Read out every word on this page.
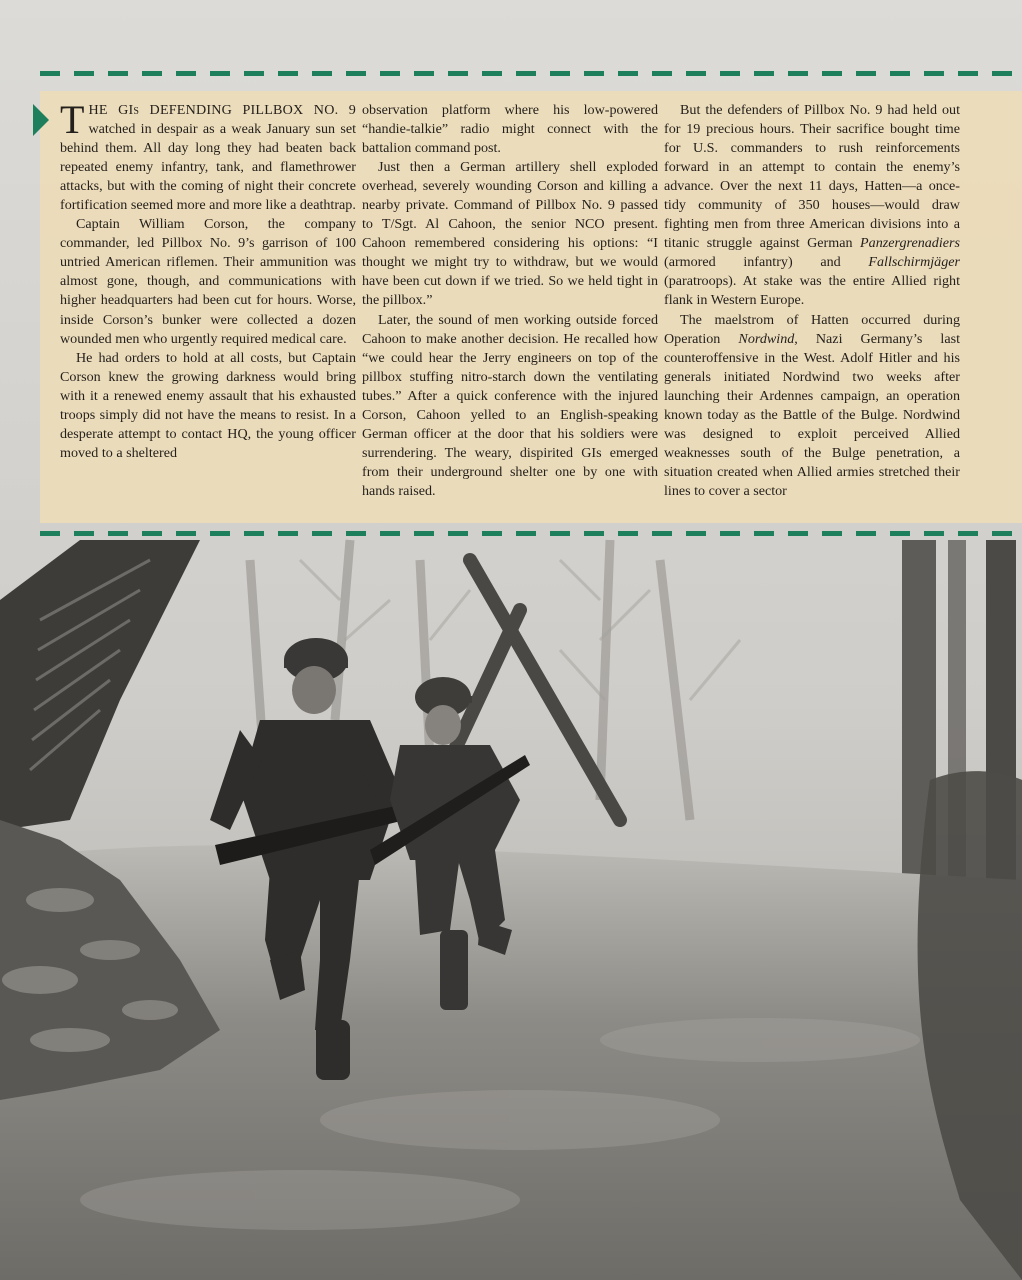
THE GIs DEFENDING PILLBOX NO. 9 watched in despair as a weak January sun set behind them. All day long they had beaten back repeated enemy infantry, tank, and flamethrower attacks, but with the coming of night their concrete fortification seemed more and more like a deathtrap.

Captain William Corson, the company commander, led Pillbox No. 9’s garrison of 100 untried American riflemen. Their ammunition was almost gone, though, and communications with higher headquarters had been cut for hours. Worse, inside Corson’s bunker were collected a dozen wounded men who urgently required medical care.

He had orders to hold at all costs, but Captain Corson knew the growing darkness would bring with it a renewed enemy assault that his exhausted troops simply did not have the means to resist. In a desperate attempt to contact HQ, the young officer moved to a sheltered

observation platform where his low-powered “handie-talkie” radio might connect with the battalion command post.

Just then a German artillery shell exploded overhead, severely wounding Corson and killing a nearby private. Command of Pillbox No. 9 passed to T/Sgt. Al Cahoon, the senior NCO present. Cahoon remembered considering his options: “I thought we might try to withdraw, but we would have been cut down if we tried. So we held tight in the pillbox.”

Later, the sound of men working outside forced Cahoon to make another decision. He recalled how “we could hear the Jerry engineers on top of the pillbox stuffing nitro-starch down the ventilating tubes.” After a quick conference with the injured Corson, Cahoon yelled to an English-speaking German officer at the door that his soldiers were surrendering. The weary, dispirited GIs emerged from their underground shelter one by one with hands raised.

But the defenders of Pillbox No. 9 had held out for 19 precious hours. Their sacrifice bought time for U.S. commanders to rush reinforcements forward in an attempt to contain the enemy’s advance. Over the next 11 days, Hatten—a once-tidy community of 350 houses—would draw fighting men from three American divisions into a titanic struggle against German Panzergrenadiers (armored infantry) and Fallschirmjäger (paratroops). At stake was the entire Allied right flank in Western Europe.

The maelstrom of Hatten occurred during Operation Nordwind, Nazi Germany’s last counteroffensive in the West. Adolf Hitler and his generals initiated Nordwind two weeks after launching their Ardennes campaign, an operation known today as the Battle of the Bulge. Nordwind was designed to exploit perceived Allied weaknesses south of the Bulge penetration, a situation created when Allied armies stretched their lines to cover a sector
